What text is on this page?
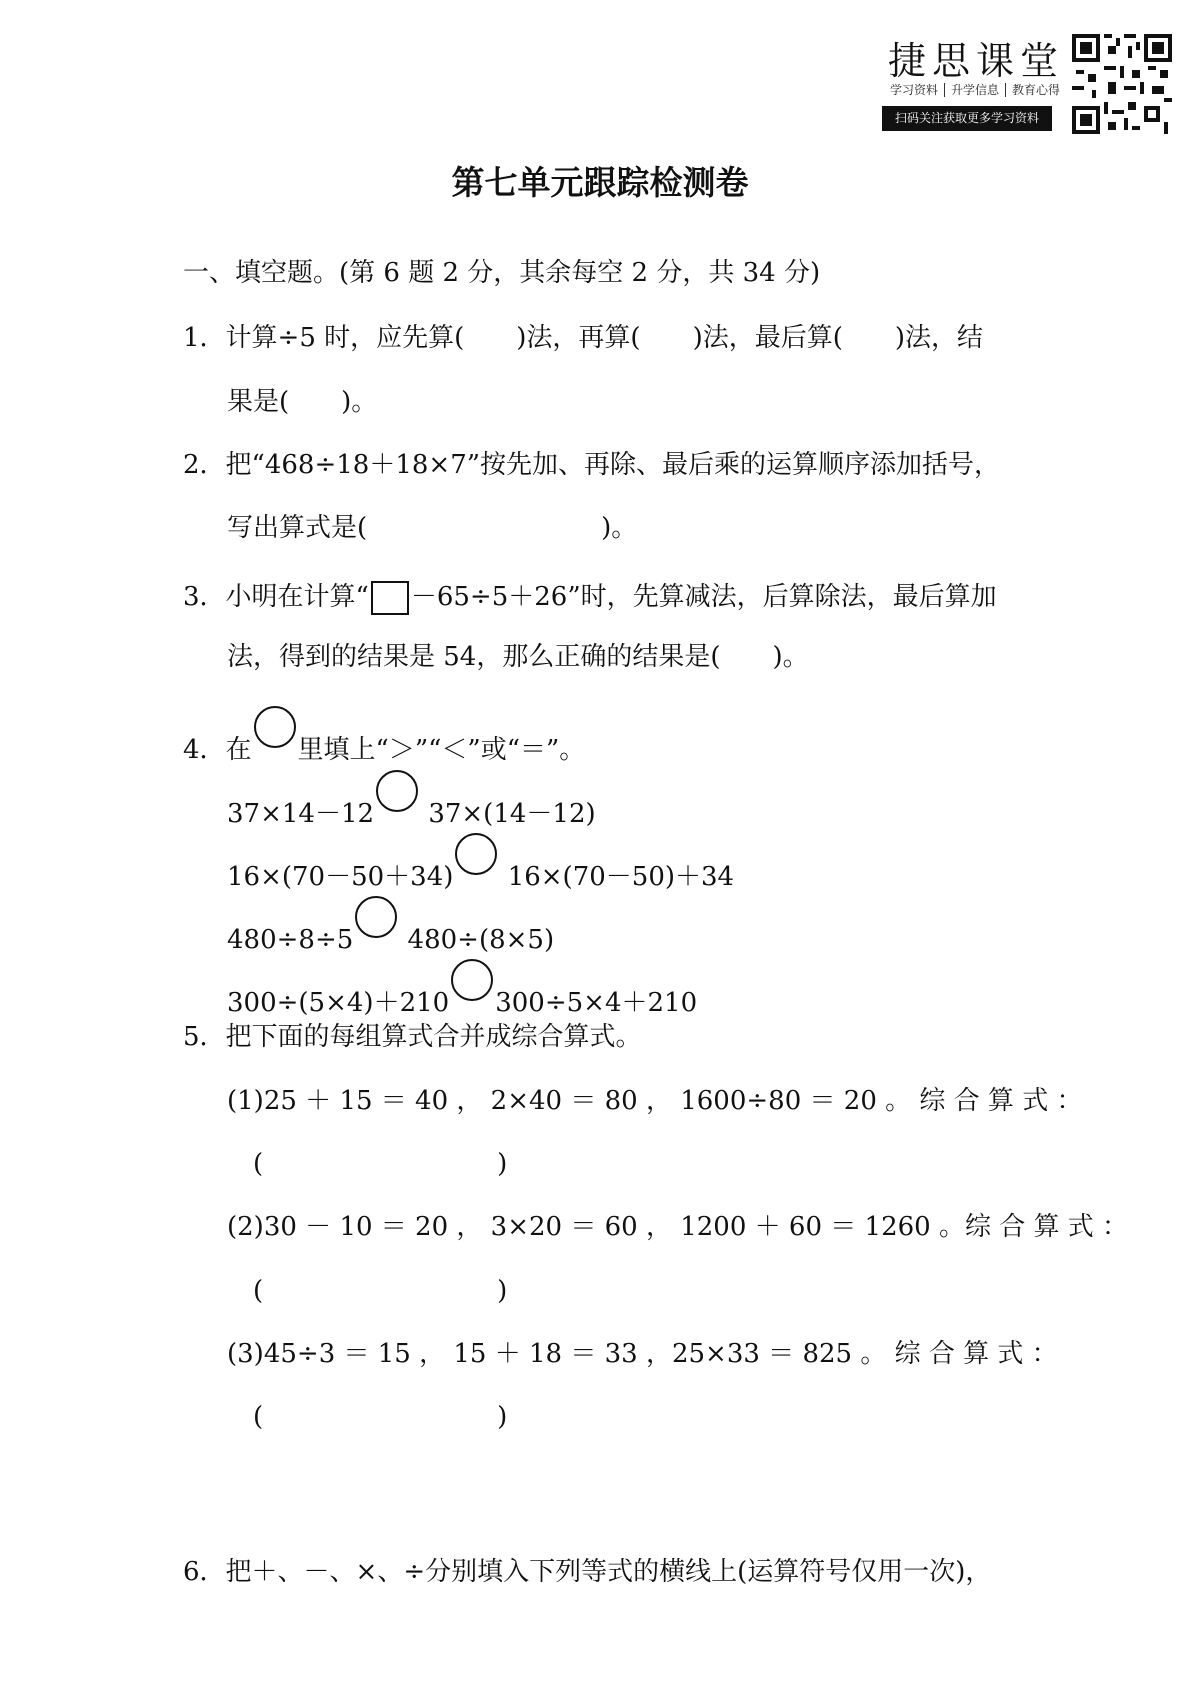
捷思课堂
学习资料 升学信息 教育心得
扫码关注获取更多学习资料
第七单元跟踪检测卷
一、填空题。(第 6 题 2 分，其余每空 2 分，共 34 分)
1．计算÷5 时，应先算(　　)法，再算(　　)法，最后算(　　)法，结
果是(　　)。
2．把“468÷18＋18×7”按先加、再除、最后乘的运算顺序添加括号，
写出算式是(　　　　　　　　　)。
3．小明在计算“ －65÷5＋26”时，先算减法，后算除法，最后算加
法，得到的结果是 54，那么正确的结果是(　　)。
4．在 里填上“＞”“＜”或“＝”。
37×14－12 37×(14－12)
16×(70－50＋34) 16×(70－50)＋34
480÷8÷5 480÷(8×5)
300÷(5×4)＋210 300÷5×4＋210
5．把下面的每组算式合并成综合算式。
(1)25 ＋ 15 ＝ 40 ， 2×40 ＝ 80 ， 1600÷80 ＝ 20 。 综 合 算 式 ：
(　　　　　　　　　)
(2)30 － 10 ＝ 20 ， 3×20 ＝ 60 ， 1200 ＋ 60 ＝ 1260 。综 合 算 式 ：
(　　　　　　　　　)
(3)45÷3 ＝ 15 ， 15 ＋ 18 ＝ 33 ，25×33 ＝ 825 。 综 合 算 式 ：
(　　　　　　　　　)
6．把＋、－、×、÷分别填入下列等式的横线上(运算符号仅用一次)，
